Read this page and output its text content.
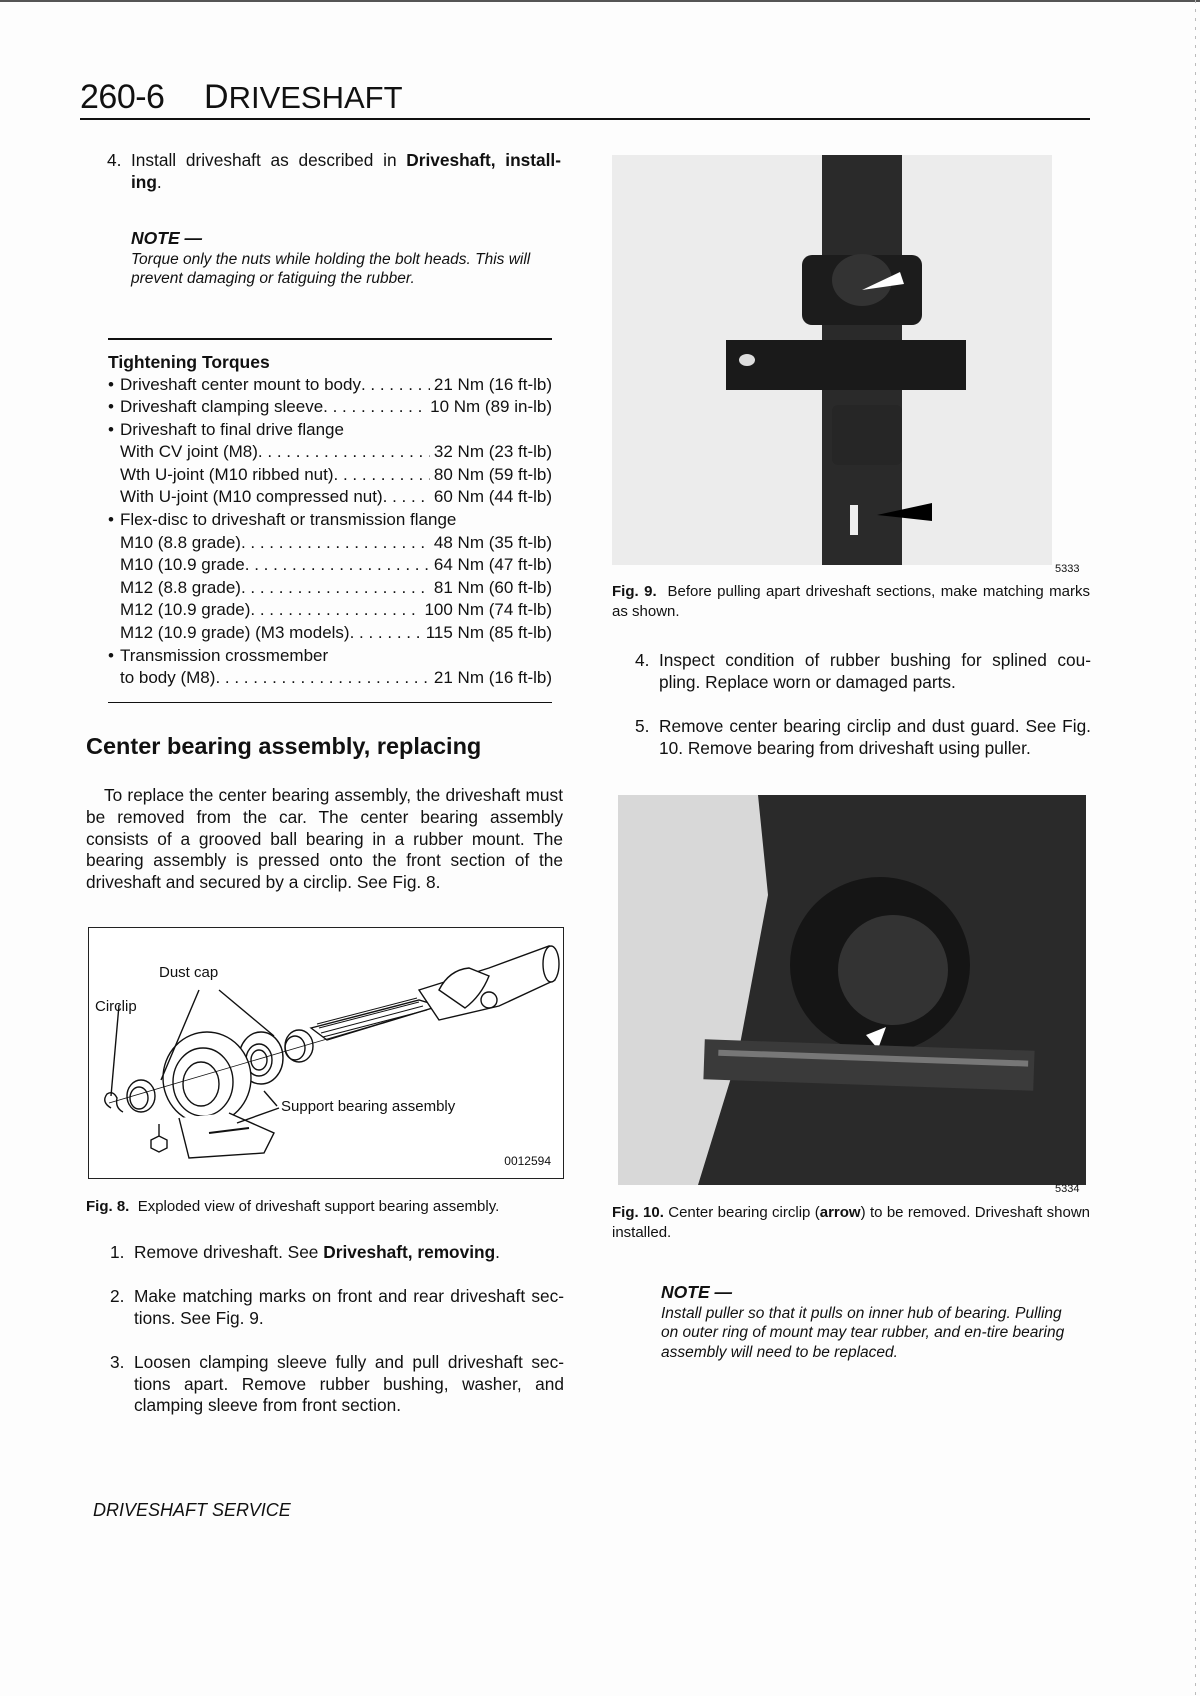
260-6 DRIVESHAFT
4. Install driveshaft as described in Driveshaft, install-ing.
NOTE —
Torque only the nuts while holding the bolt heads. This will prevent damaging or fatiguing the rubber.
Tightening Torques
• Driveshaft center mount to body . . .	21 Nm (16 ft-lb)
• Driveshaft clamping sleeve . . .	10 Nm (89 in-lb)
• Driveshaft to final drive flange
With CV joint (M8) . . .	32 Nm (23 ft-lb)
Wth U-joint (M10 ribbed nut) . . .	80 Nm (59 ft-lb)
With U-joint (M10 compressed nut) . . .	60 Nm (44 ft-lb)
• Flex-disc to driveshaft or transmission flange
M10 (8.8 grade) . . .	48 Nm (35 ft-lb)
M10 (10.9 grade . . .	64 Nm (47 ft-lb)
M12 (8.8 grade) . . .	81 Nm (60 ft-lb)
M12 (10.9 grade) . . .	100 Nm (74 ft-lb)
M12 (10.9 grade) (M3 models) . . .	115 Nm (85 ft-lb)
• Transmission crossmember
to body (M8) . . .	21 Nm (16 ft-lb)
Center bearing assembly, replacing
To replace the center bearing assembly, the driveshaft must be removed from the car. The center bearing assembly consists of a grooved ball bearing in a rubber mount. The bearing assembly is pressed onto the front section of the driveshaft and secured by a circlip. See Fig. 8.
Dust cap
Circlip
Support bearing assembly
0012594
Fig. 8. Exploded view of driveshaft support bearing assembly.
1. Remove driveshaft. See Driveshaft, removing.
2. Make matching marks on front and rear driveshaft sec-tions. See Fig. 9.
3. Loosen clamping sleeve fully and pull driveshaft sec-tions apart. Remove rubber bushing, washer, and clamping sleeve from front section.
5333
Fig. 9. Before pulling apart driveshaft sections, make matching marks as shown.
4. Inspect condition of rubber bushing for splined cou-pling. Replace worn or damaged parts.
5. Remove center bearing circlip and dust guard. See Fig. 10. Remove bearing from driveshaft using puller.
5334
Fig. 10. Center bearing circlip (arrow) to be removed. Driveshaft shown installed.
NOTE —
Install puller so that it pulls on inner hub of bearing. Pulling on outer ring of mount may tear rubber, and en-tire bearing assembly will need to be replaced.
DRIVESHAFT SERVICE
